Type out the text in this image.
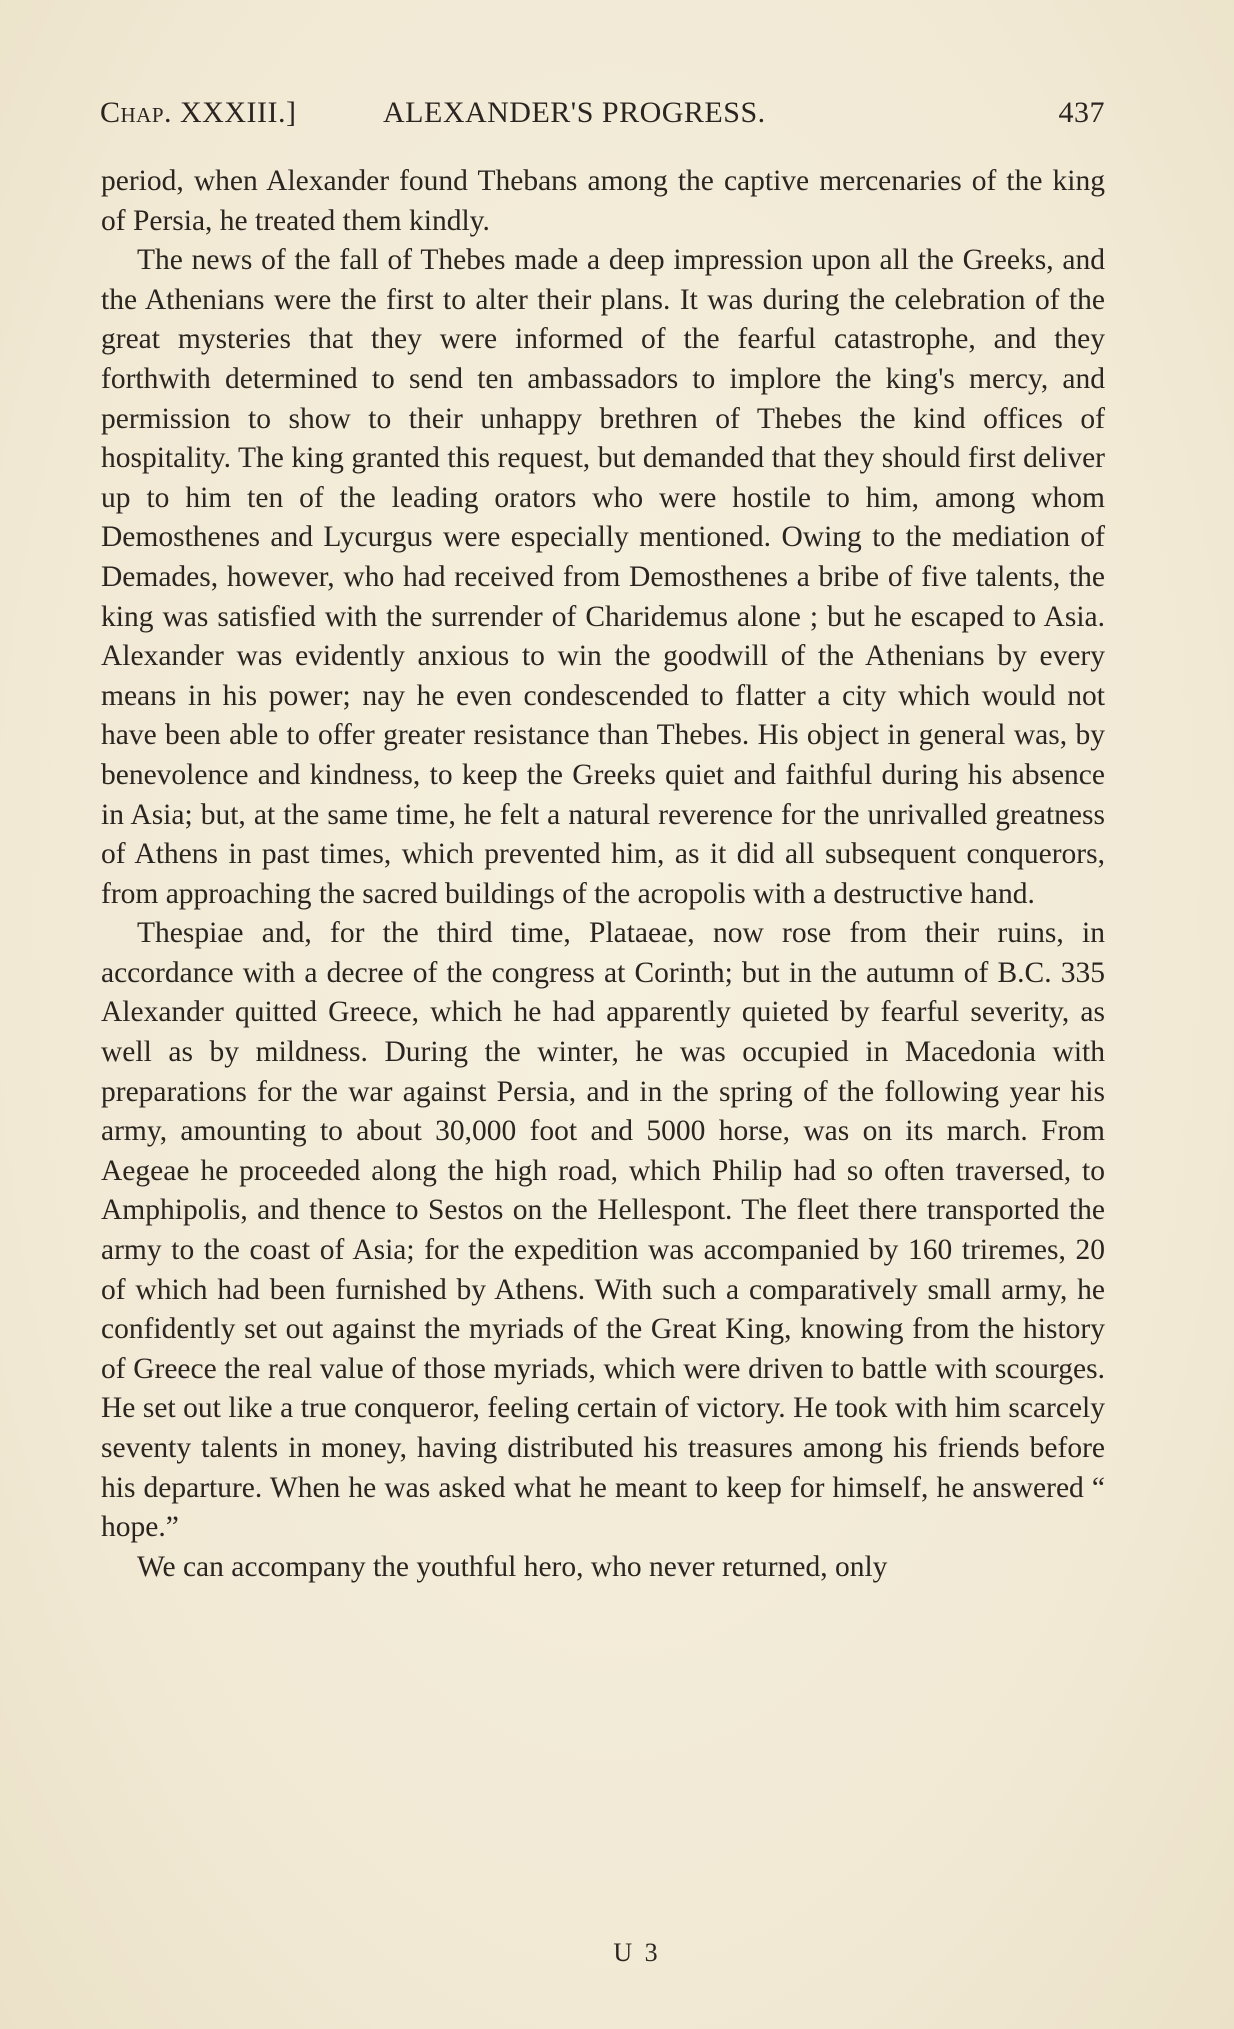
Chap. XXXIII.]	ALEXANDER'S PROGRESS.	437

period, when Alexander found Thebans among the captive mercenaries of the king of Persia, he treated them kindly.

The news of the fall of Thebes made a deep impression upon all the Greeks, and the Athenians were the first to alter their plans. It was during the celebration of the great mysteries that they were informed of the fearful catastrophe, and they forthwith determined to send ten ambassadors to implore the king's mercy, and permission to show to their unhappy brethren of Thebes the kind offices of hospitality. The king granted this request, but demanded that they should first deliver up to him ten of the leading orators who were hostile to him, among whom Demosthenes and Lycurgus were especially mentioned. Owing to the mediation of Demades, however, who had received from Demosthenes a bribe of five talents, the king was satisfied with the surrender of Charidemus alone ; but he escaped to Asia. Alexander was evidently anxious to win the goodwill of the Athenians by every means in his power; nay he even condescended to flatter a city which would not have been able to offer greater resistance than Thebes. His object in general was, by benevolence and kindness, to keep the Greeks quiet and faithful during his absence in Asia; but, at the same time, he felt a natural reverence for the unrivalled greatness of Athens in past times, which prevented him, as it did all subsequent conquerors, from approaching the sacred buildings of the acropolis with a destructive hand.

Thespiae and, for the third time, Plataeae, now rose from their ruins, in accordance with a decree of the congress at Corinth; but in the autumn of B.C. 335 Alexander quitted Greece, which he had apparently quieted by fearful severity, as well as by mildness. During the winter, he was occupied in Macedonia with preparations for the war against Persia, and in the spring of the following year his army, amounting to about 30,000 foot and 5000 horse, was on its march. From Aegeae he proceeded along the high road, which Philip had so often traversed, to Amphipolis, and thence to Sestos on the Hellespont. The fleet there transported the army to the coast of Asia; for the expedition was accompanied by 160 triremes, 20 of which had been furnished by Athens. With such a comparatively small army, he confidently set out against the myriads of the Great King, knowing from the history of Greece the real value of those myriads, which were driven to battle with scourges. He set out like a true conqueror, feeling certain of victory. He took with him scarcely seventy talents in money, having distributed his treasures among his friends before his departure. When he was asked what he meant to keep for himself, he answered “ hope.”

We can accompany the youthful hero, who never returned, only

U 3
